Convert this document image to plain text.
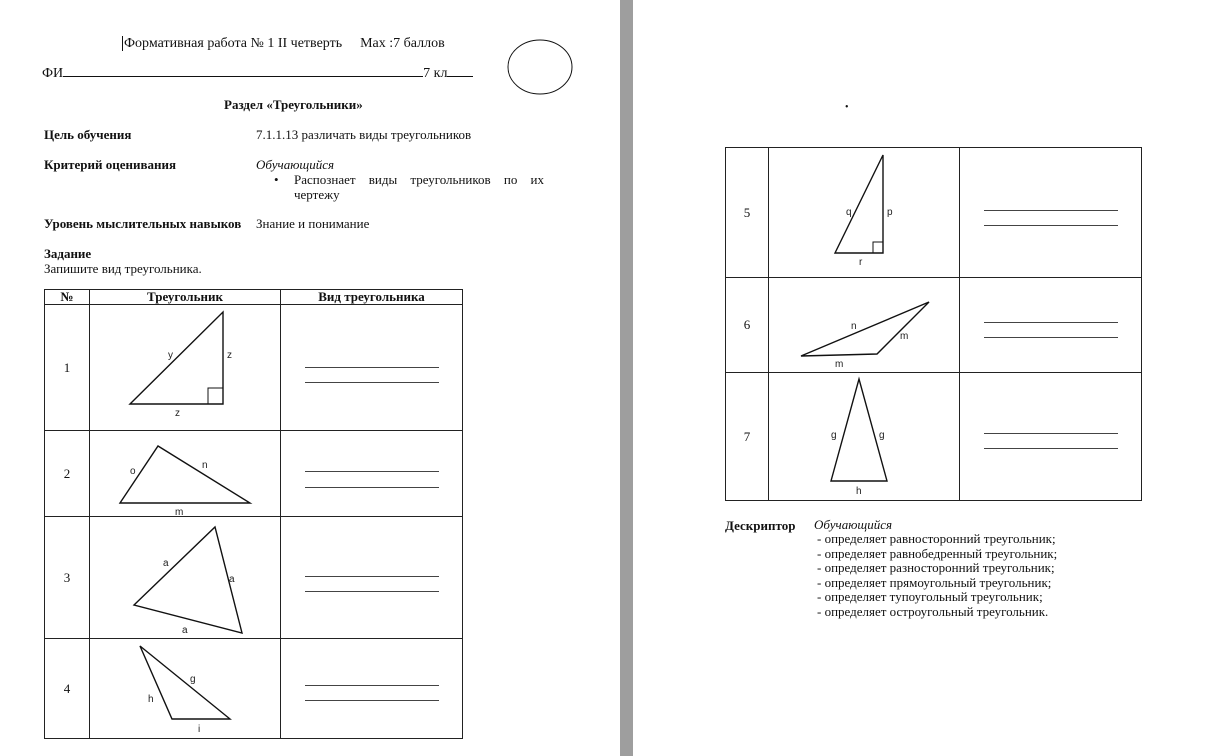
Формативная работа № 1 II четверть Max :7 баллов
ФИ	7 кл
Раздел «Треугольники»
Цель обучения	7.1.1.13 различать виды треугольников
Критерий оценивания	Обучающийся
• Распознает виды треугольников по их чертежу
Уровень мыслительных навыков Знание и понимание
Задание
Запишите вид треугольника.
№	Треугольник	Вид треугольника
1	y z
z	

2	o
n
m	

3	a
a
a	

4	g
h
i	

•
5	q p
r	

6	n
m
m	

7	g g
h	

Дескриптор Обучающийся
- определяет равносторонний треугольник;
- определяет равнобедренный треугольник;
- определяет разносторонний треугольник;
- определяет прямоугольный треугольник;
- определяет тупоугольный треугольник;
- определяет остроугольный треугольник.
